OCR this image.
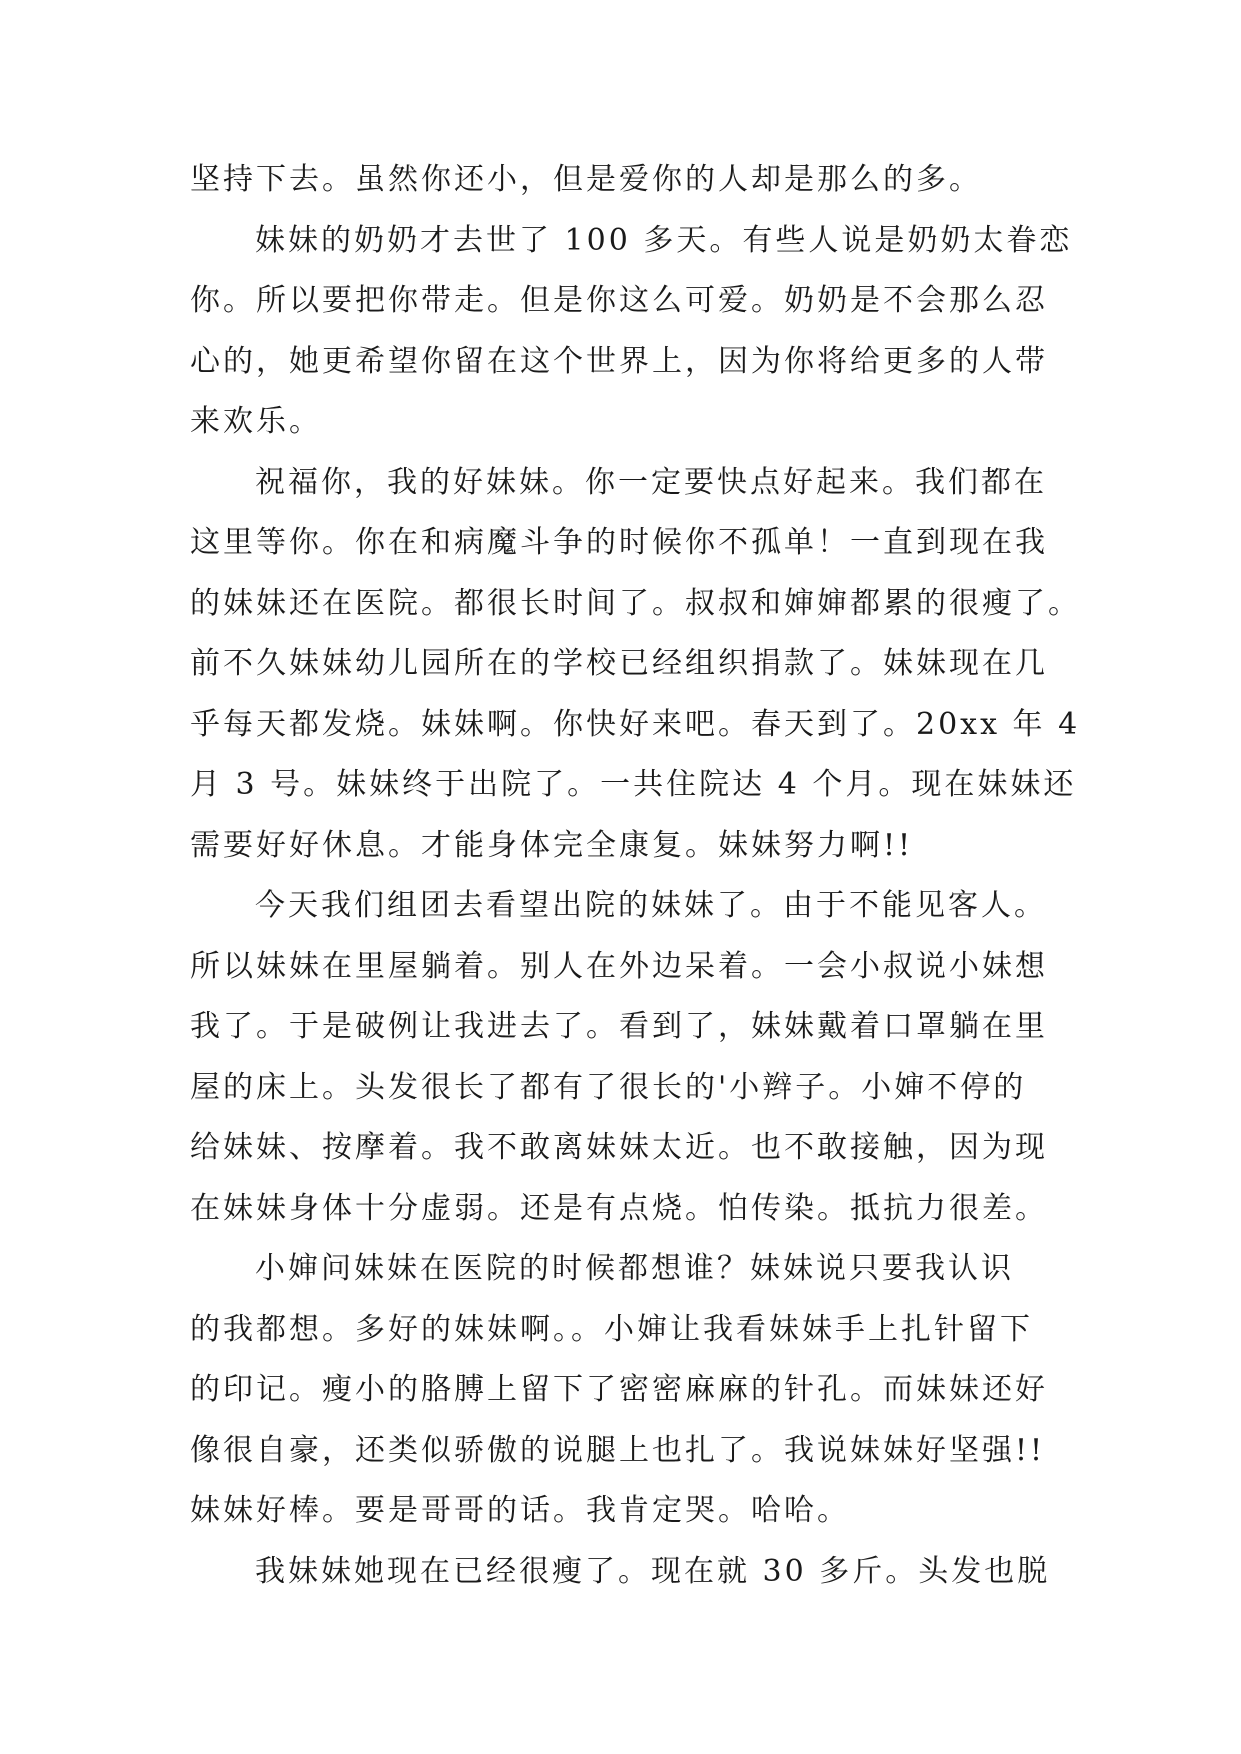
坚持下去。虽然你还小，但是爱你的人却是那么的多。
妹妹的奶奶才去世了 100 多天。有些人说是奶奶太眷恋
你。所以要把你带走。但是你这么可爱。奶奶是不会那么忍
心的，她更希望你留在这个世界上，因为你将给更多的人带
来欢乐。
祝福你，我的好妹妹。你一定要快点好起来。我们都在
这里等你。你在和病魔斗争的时候你不孤单！一直到现在我
的妹妹还在医院。都很长时间了。叔叔和婶婶都累的很瘦了。
前不久妹妹幼儿园所在的学校已经组织捐款了。妹妹现在几
乎每天都发烧。妹妹啊。你快好来吧。春天到了。20xx 年 4
月 3 号。妹妹终于出院了。一共住院达 4 个月。现在妹妹还
需要好好休息。才能身体完全康复。妹妹努力啊!!
今天我们组团去看望出院的妹妹了。由于不能见客人。
所以妹妹在里屋躺着。别人在外边呆着。一会小叔说小妹想
我了。于是破例让我进去了。看到了，妹妹戴着口罩躺在里
屋的床上。头发很长了都有了很长的'小辫子。小婶不停的
给妹妹、按摩着。我不敢离妹妹太近。也不敢接触，因为现
在妹妹身体十分虚弱。还是有点烧。怕传染。抵抗力很差。
小婶问妹妹在医院的时候都想谁？妹妹说只要我认识
的我都想。多好的妹妹啊。。小婶让我看妹妹手上扎针留下
的印记。瘦小的胳膊上留下了密密麻麻的针孔。而妹妹还好
像很自豪，还类似骄傲的说腿上也扎了。我说妹妹好坚强!!
妹妹好棒。要是哥哥的话。我肯定哭。哈哈。
我妹妹她现在已经很瘦了。现在就 30 多斤。头发也脱
